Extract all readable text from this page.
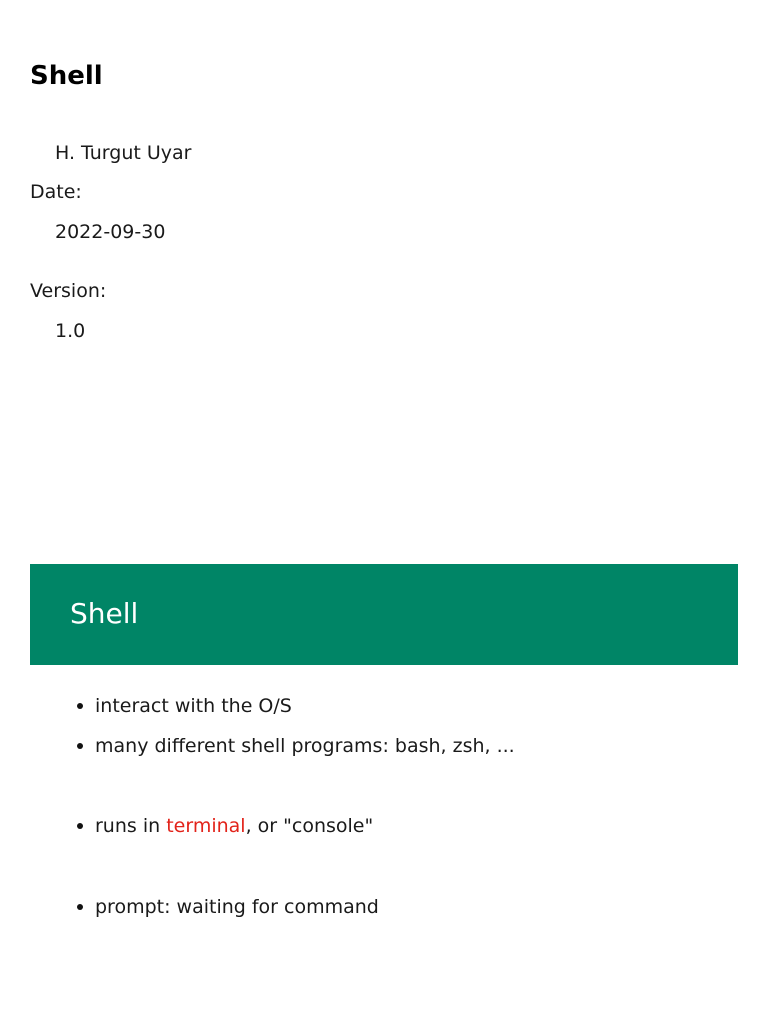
Shell

H. Turgut Uyar

Date:

2022-09-30

Version:

1.0

Shell

interact with the O/S

many different shell programs: bash, zsh, ...

runs in terminal, or "console"

prompt: waiting for command
